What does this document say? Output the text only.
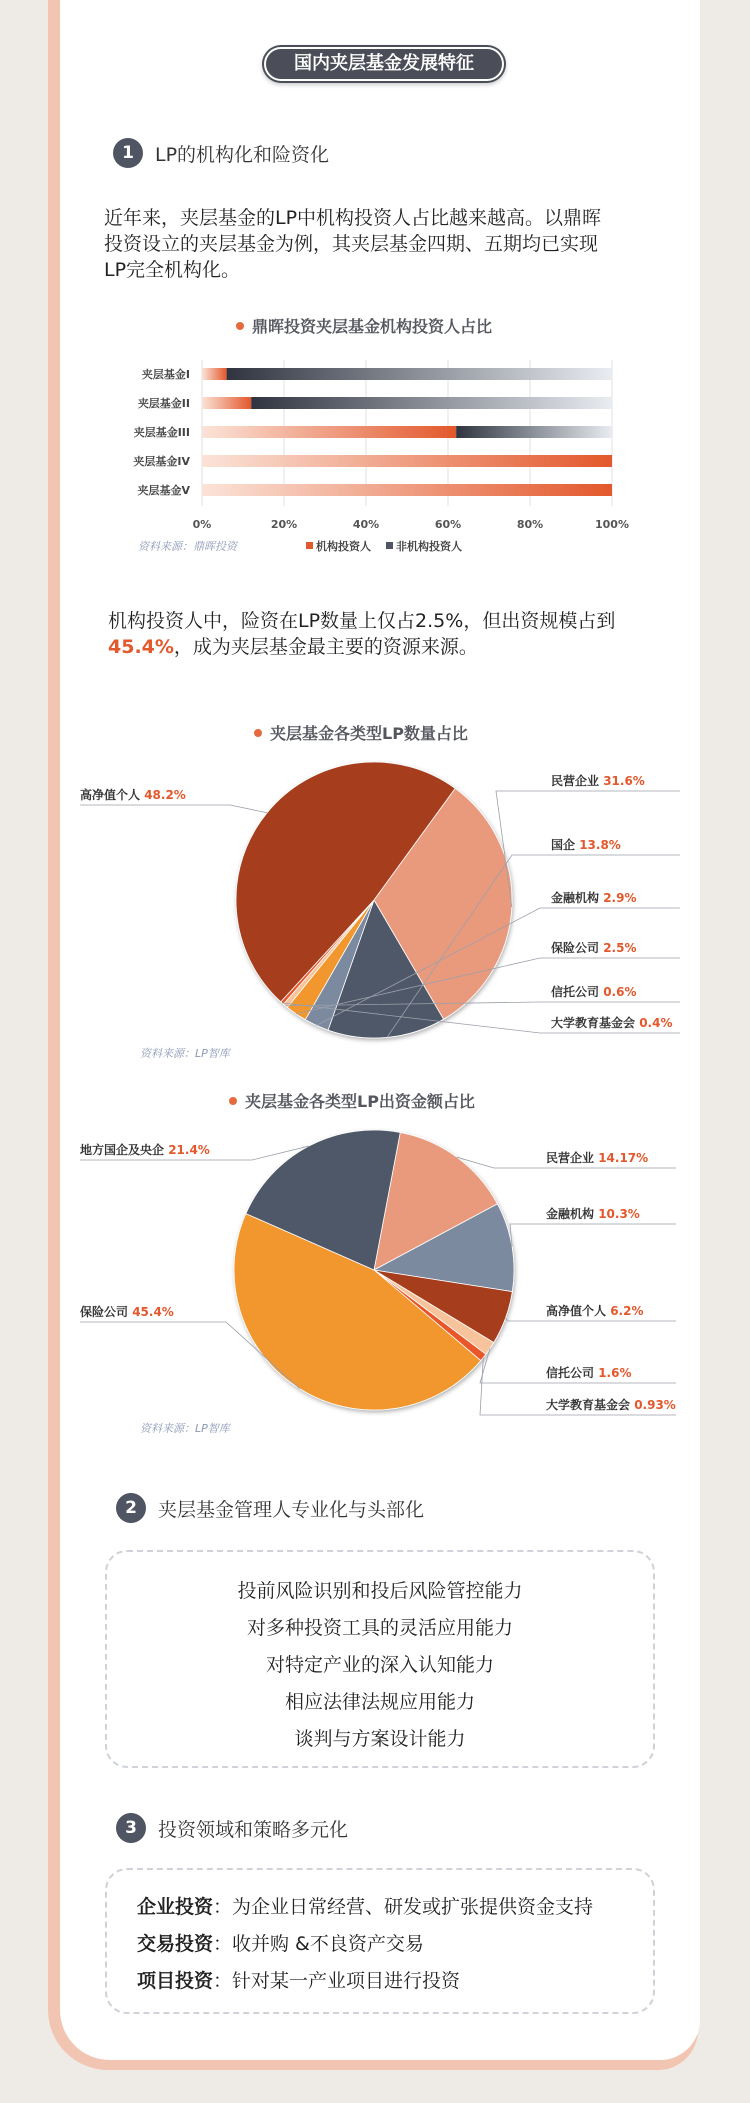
国内夹层基金发展特征
1	LP的机构化和险资化
近年来，夹层基金的LP中机构投资人占比越来越高。以鼎晖
投资设立的夹层基金为例，其夹层基金四期、五期均已实现
LP完全机构化。
鼎晖投资夹层基金机构投资人占比
0%	20%	40%	60%	80%	100%
夹层基金I
夹层基金II
夹层基金III
夹层基金IV
夹层基金V
机构投资人 非机构投资人
资料来源：鼎晖投资
机构投资人中，险资在LP数量上仅占2.5%，但出资规模占到
45.4%，成为夹层基金最主要的资源来源。
夹层基金各类型LP数量占比
民营企业 31.6%
国企 13.8%
金融机构 2.9%
保险公司 2.5%
信托公司 0.6%
大学教育基金会 0.4%
高净值个人 48.2%
资料来源：LP智库
夹层基金各类型LP出资金额占比
民营企业 14.17%
金融机构 10.3%
高净值个人 6.2%
信托公司 1.6%
大学教育基金会 0.93%
保险公司 45.4%
地方国企及央企 21.4%
资料来源：LP智库
2	夹层基金管理人专业化与头部化
投前风险识别和投后风险管控能力
对多种投资工具的灵活应用能力
对特定产业的深入认知能力
相应法律法规应用能力
谈判与方案设计能力
3	投资领域和策略多元化
企业投资：为企业日常经营、研发或扩张提供资金支持
交易投资：收并购 &不良资产交易
项目投资：针对某一产业项目进行投资
